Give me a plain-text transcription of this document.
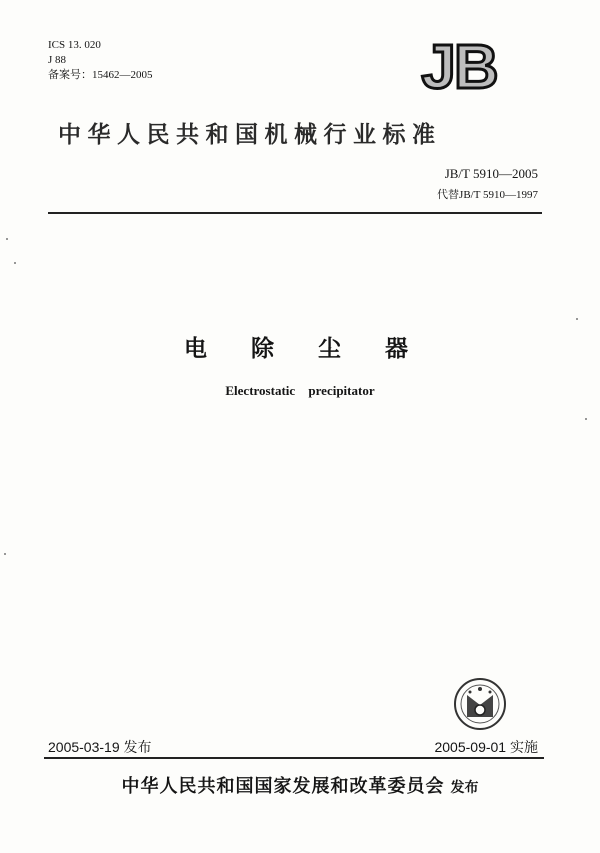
ICS 13. 020
J 88
备案号：15462—2005	JB
中华人民共和国机械行业标准
JB/T 5910—2005
代替JB/T 5910—1997
电 除 尘 器
Electrostatic precipitator
2005-03-19 发布	2005-09-01 实施
中华人民共和国国家发展和改革委员会 发布
